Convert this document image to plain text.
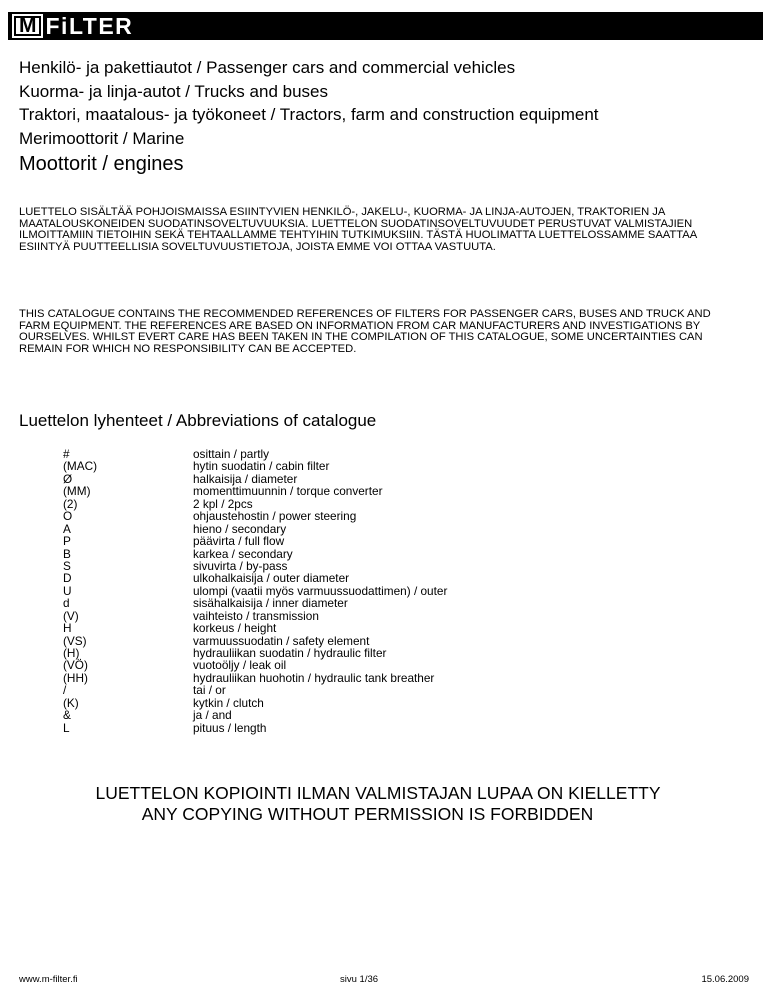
M FiLTER
Henkilö- ja pakettiautot / Passenger cars and commercial vehicles
Kuorma- ja linja-autot / Trucks and buses
Traktori, maatalous- ja työkoneet / Tractors, farm and construction equipment
Merimoottorit / Marine
Moottorit / engines
LUETTELO SISÄLTÄÄ POHJOISMAISSA ESIINTYVIEN HENKILÖ-, JAKELU-, KUORMA- JA LINJA-AUTOJEN, TRAKTORIEN JA MAATALOUSKONEIDEN SUODATINSOVELTUVUUKSIA. LUETTELON SUODATINSOVELTUVUUDET PERUSTUVAT VALMISTAJIEN ILMOITTAMIIN TIETOIHIN SEKÄ TEHTAALLAMME TEHTYIHIN TUTKIMUKSIIN. TÄSTÄ HUOLIMATTA LUETTELOSSAMME SAATTAA ESIINTYÄ PUUTTEELLISIA SOVELTUVUUSTIETOJA, JOISTA EMME VOI OTTAA VASTUUTA.
THIS CATALOGUE CONTAINS THE RECOMMENDED REFERENCES OF FILTERS FOR PASSENGER CARS, BUSES AND TRUCK AND FARM EQUIPMENT. THE REFERENCES ARE BASED ON INFORMATION FROM CAR MANUFACTURERS AND INVESTIGATIONS BY OURSELVES. WHILST EVERT CARE HAS BEEN TAKEN IN THE COMPILATION OF THIS CATALOGUE, SOME UNCERTAINTIES CAN REMAIN FOR WHICH NO RESPONSIBILITY CAN BE ACCEPTED.
Luettelon lyhenteet / Abbreviations of catalogue
#	osittain / partly
(MAC)	hytin suodatin / cabin filter
Ø	halkaisija / diameter
(MM)	momenttimuunnin / torque converter
(2)	2 kpl / 2pcs
O	ohjaustehostin / power steering
A	hieno / secondary
P	päävirta / full flow
B	karkea / secondary
S	sivuvirta / by-pass
D	ulkohalkaisija / outer diameter
U	ulompi (vaatii myös varmuussuodattimen) / outer
d	sisähalkaisija / inner diameter
(V)	vaihteisto / transmission
H	korkeus / height
(VS)	varmuussuodatin / safety element
(H)	hydrauliikan suodatin / hydraulic filter
(VÖ)	vuotoöljy / leak oil
(HH)	hydrauliikan huohotin / hydraulic tank breather
/	tai / or
(K)	kytkin / clutch
&	ja / and
L	pituus / length
LUETTELON KOPIOINTI ILMAN VALMISTAJAN LUPAA ON KIELLETTY
ANY COPYING WITHOUT PERMISSION IS FORBIDDEN
www.m-filter.fi	sivu 1/36	15.06.2009
